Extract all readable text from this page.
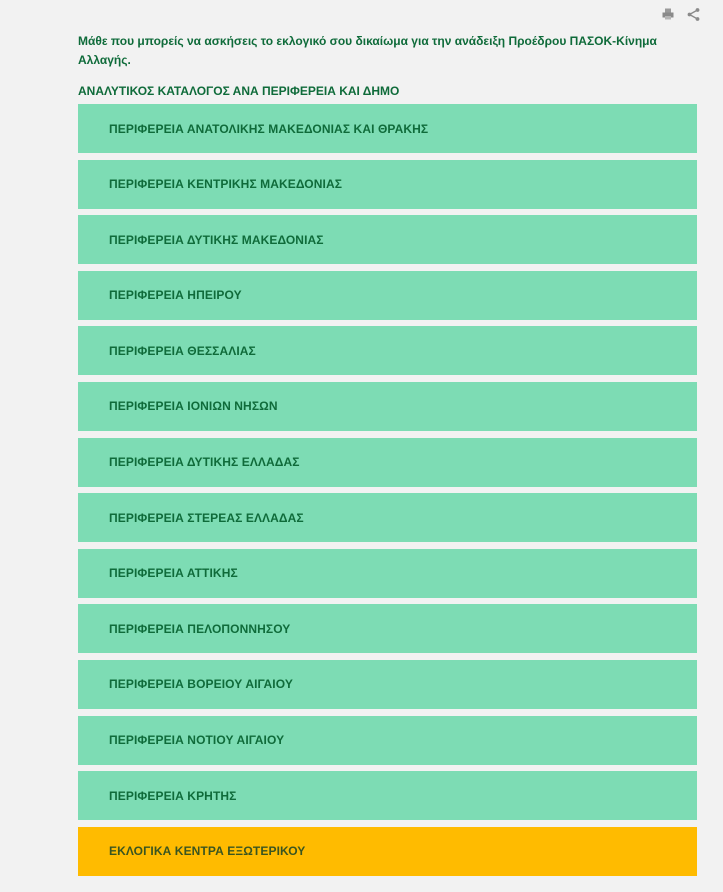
Μάθε που μπορείς να ασκήσεις το εκλογικό σου δικαίωμα για την ανάδειξη Προέδρου ΠΑΣΟΚ-Κίνημα Αλλαγής.

ΑΝΑΛΥΤΙΚΟΣ ΚΑΤΑΛΟΓΟΣ ΑΝΑ ΠΕΡΙΦΕΡΕΙΑ ΚΑΙ ΔΗΜΟ
ΠΕΡΙΦΕΡΕΙΑ ΑΝΑΤΟΛΙΚΗΣ ΜΑΚΕΔΟΝΙΑΣ ΚΑΙ ΘΡΑΚΗΣ
ΠΕΡΙΦΕΡΕΙΑ ΚΕΝΤΡΙΚΗΣ ΜΑΚΕΔΟΝΙΑΣ
ΠΕΡΙΦΕΡΕΙΑ ΔΥΤΙΚΗΣ ΜΑΚΕΔΟΝΙΑΣ
ΠΕΡΙΦΕΡΕΙΑ ΗΠΕΙΡΟΥ
ΠΕΡΙΦΕΡΕΙΑ ΘΕΣΣΑΛΙΑΣ
ΠΕΡΙΦΕΡΕΙΑ ΙΟΝΙΩΝ ΝΗΣΩΝ
ΠΕΡΙΦΕΡΕΙΑ ΔΥΤΙΚΗΣ ΕΛΛΑΔΑΣ
ΠΕΡΙΦΕΡΕΙΑ ΣΤΕΡΕΑΣ ΕΛΛΑΔΑΣ
ΠΕΡΙΦΕΡΕΙΑ ΑΤΤΙΚΗΣ
ΠΕΡΙΦΕΡΕΙΑ ΠΕΛΟΠΟΝΝΗΣΟΥ
ΠΕΡΙΦΕΡΕΙΑ ΒΟΡΕΙΟΥ ΑΙΓΑΙΟΥ
ΠΕΡΙΦΕΡΕΙΑ ΝΟΤΙΟΥ ΑΙΓΑΙΟΥ
ΠΕΡΙΦΕΡΕΙΑ ΚΡΗΤΗΣ
ΕΚΛΟΓΙΚΑ ΚΕΝΤΡΑ ΕΞΩΤΕΡΙΚΟΥ
